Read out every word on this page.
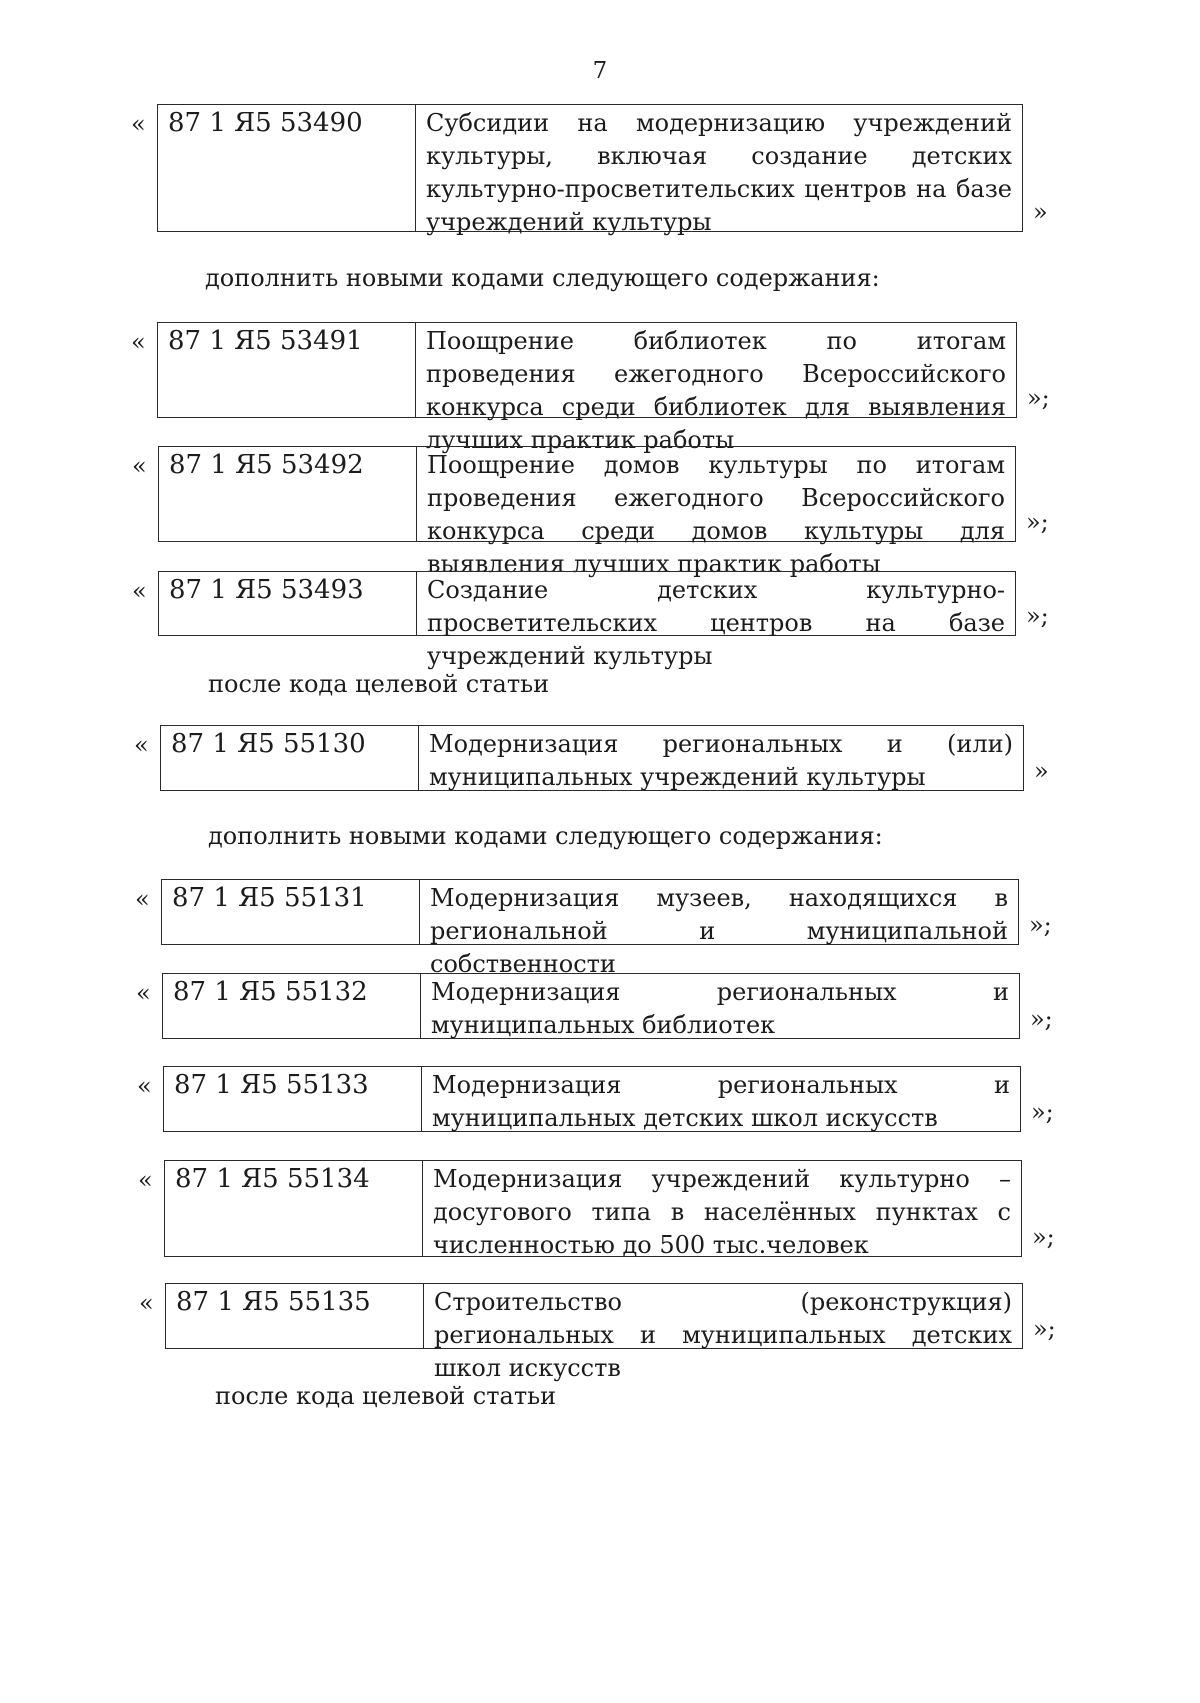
7
« 87 1 Я5 53490	Субсидии на модернизацию учреждений культуры, включая создание детских культурно-просветительских центров на базе учреждений культуры	»
дополнить новыми кодами следующего содержания:
« 87 1 Я5 53491	Поощрение библиотек по итогам проведения ежегодного Всероссийского конкурса среди библиотек для выявления лучших практик работы
»;
« 87 1 Я5 53492	Поощрение домов культуры по итогам проведения ежегодного Всероссийского конкурса среди домов культуры для выявления лучших практик работы
»;
« 87 1 Я5 53493	Создание детских культурно-просветительских центров на базе учреждений культуры
»;
после кода целевой статьи
« 87 1 Я5 55130	Модернизация региональных и (или) муниципальных учреждений культуры	»
дополнить новыми кодами следующего содержания:
« 87 1 Я5 55131	Модернизация музеев, находящихся в региональной и муниципальной собственности
»;
« 87 1 Я5 55132	Модернизация региональных и муниципальных библиотек	»;
« 87 1 Я5 55133	Модернизация региональных и муниципальных детских школ искусств	»;
« 87 1 Я5 55134	Модернизация учреждений культурно – досугового типа в населённых пунктах с численностью до 500 тыс.человек	»;
« 87 1 Я5 55135	Строительство (реконструкция) региональных и муниципальных детских школ искусств
»;
после кода целевой статьи
